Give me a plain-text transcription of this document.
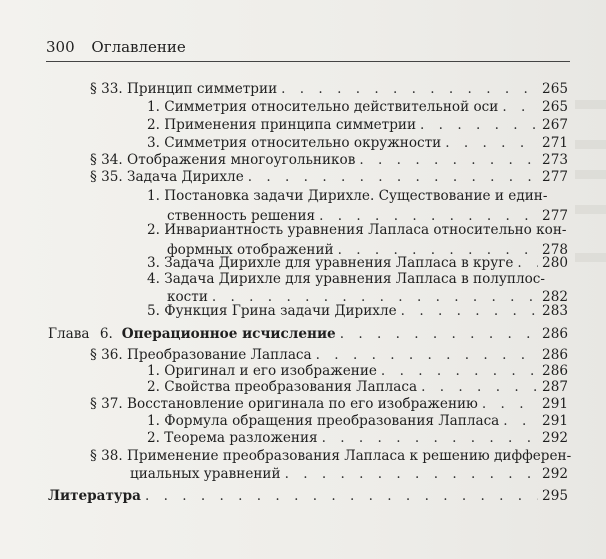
300 Оглавление
§ 33. Принцип симметрии . . .	265
1. Симметрия относительно действительной оси . . .	265
2. Применения принципа симметрии . . .	267
3. Симметрия относительно окружности . . .	271
§ 34. Отображения многоугольников . . .	273
§ 35. Задача Дирихле . . .	277
1. Постановка задачи Дирихле. Существование и един-
ственность решения . . .	277
2. Инвариантность уравнения Лапласа относительно кон-
формных отображений . . .	278
3. Задача Дирихле для уравнения Лапласа в круге . . . 280
4. Задача Дирихле для уравнения Лапласа в полуплос-
кости . . .	282
5. Функция Грина задачи Дирихле . . .	283
Глава 6. Операционное исчисление . . .	286
§ 36. Преобразование Лапласа . . .	286
1. Оригинал и его изображение . . .	286
2. Свойства преобразования Лапласа . . .	287
§ 37. Восстановление оригинала по его изображению . . .	291
1. Формула обращения преобразования Лапласа . . .	291
2. Теорема разложения . . .	292
§ 38. Применение преобразования Лапласа к решению дифферен-
циальных уравнений . . .	292
Литература . . .	295
